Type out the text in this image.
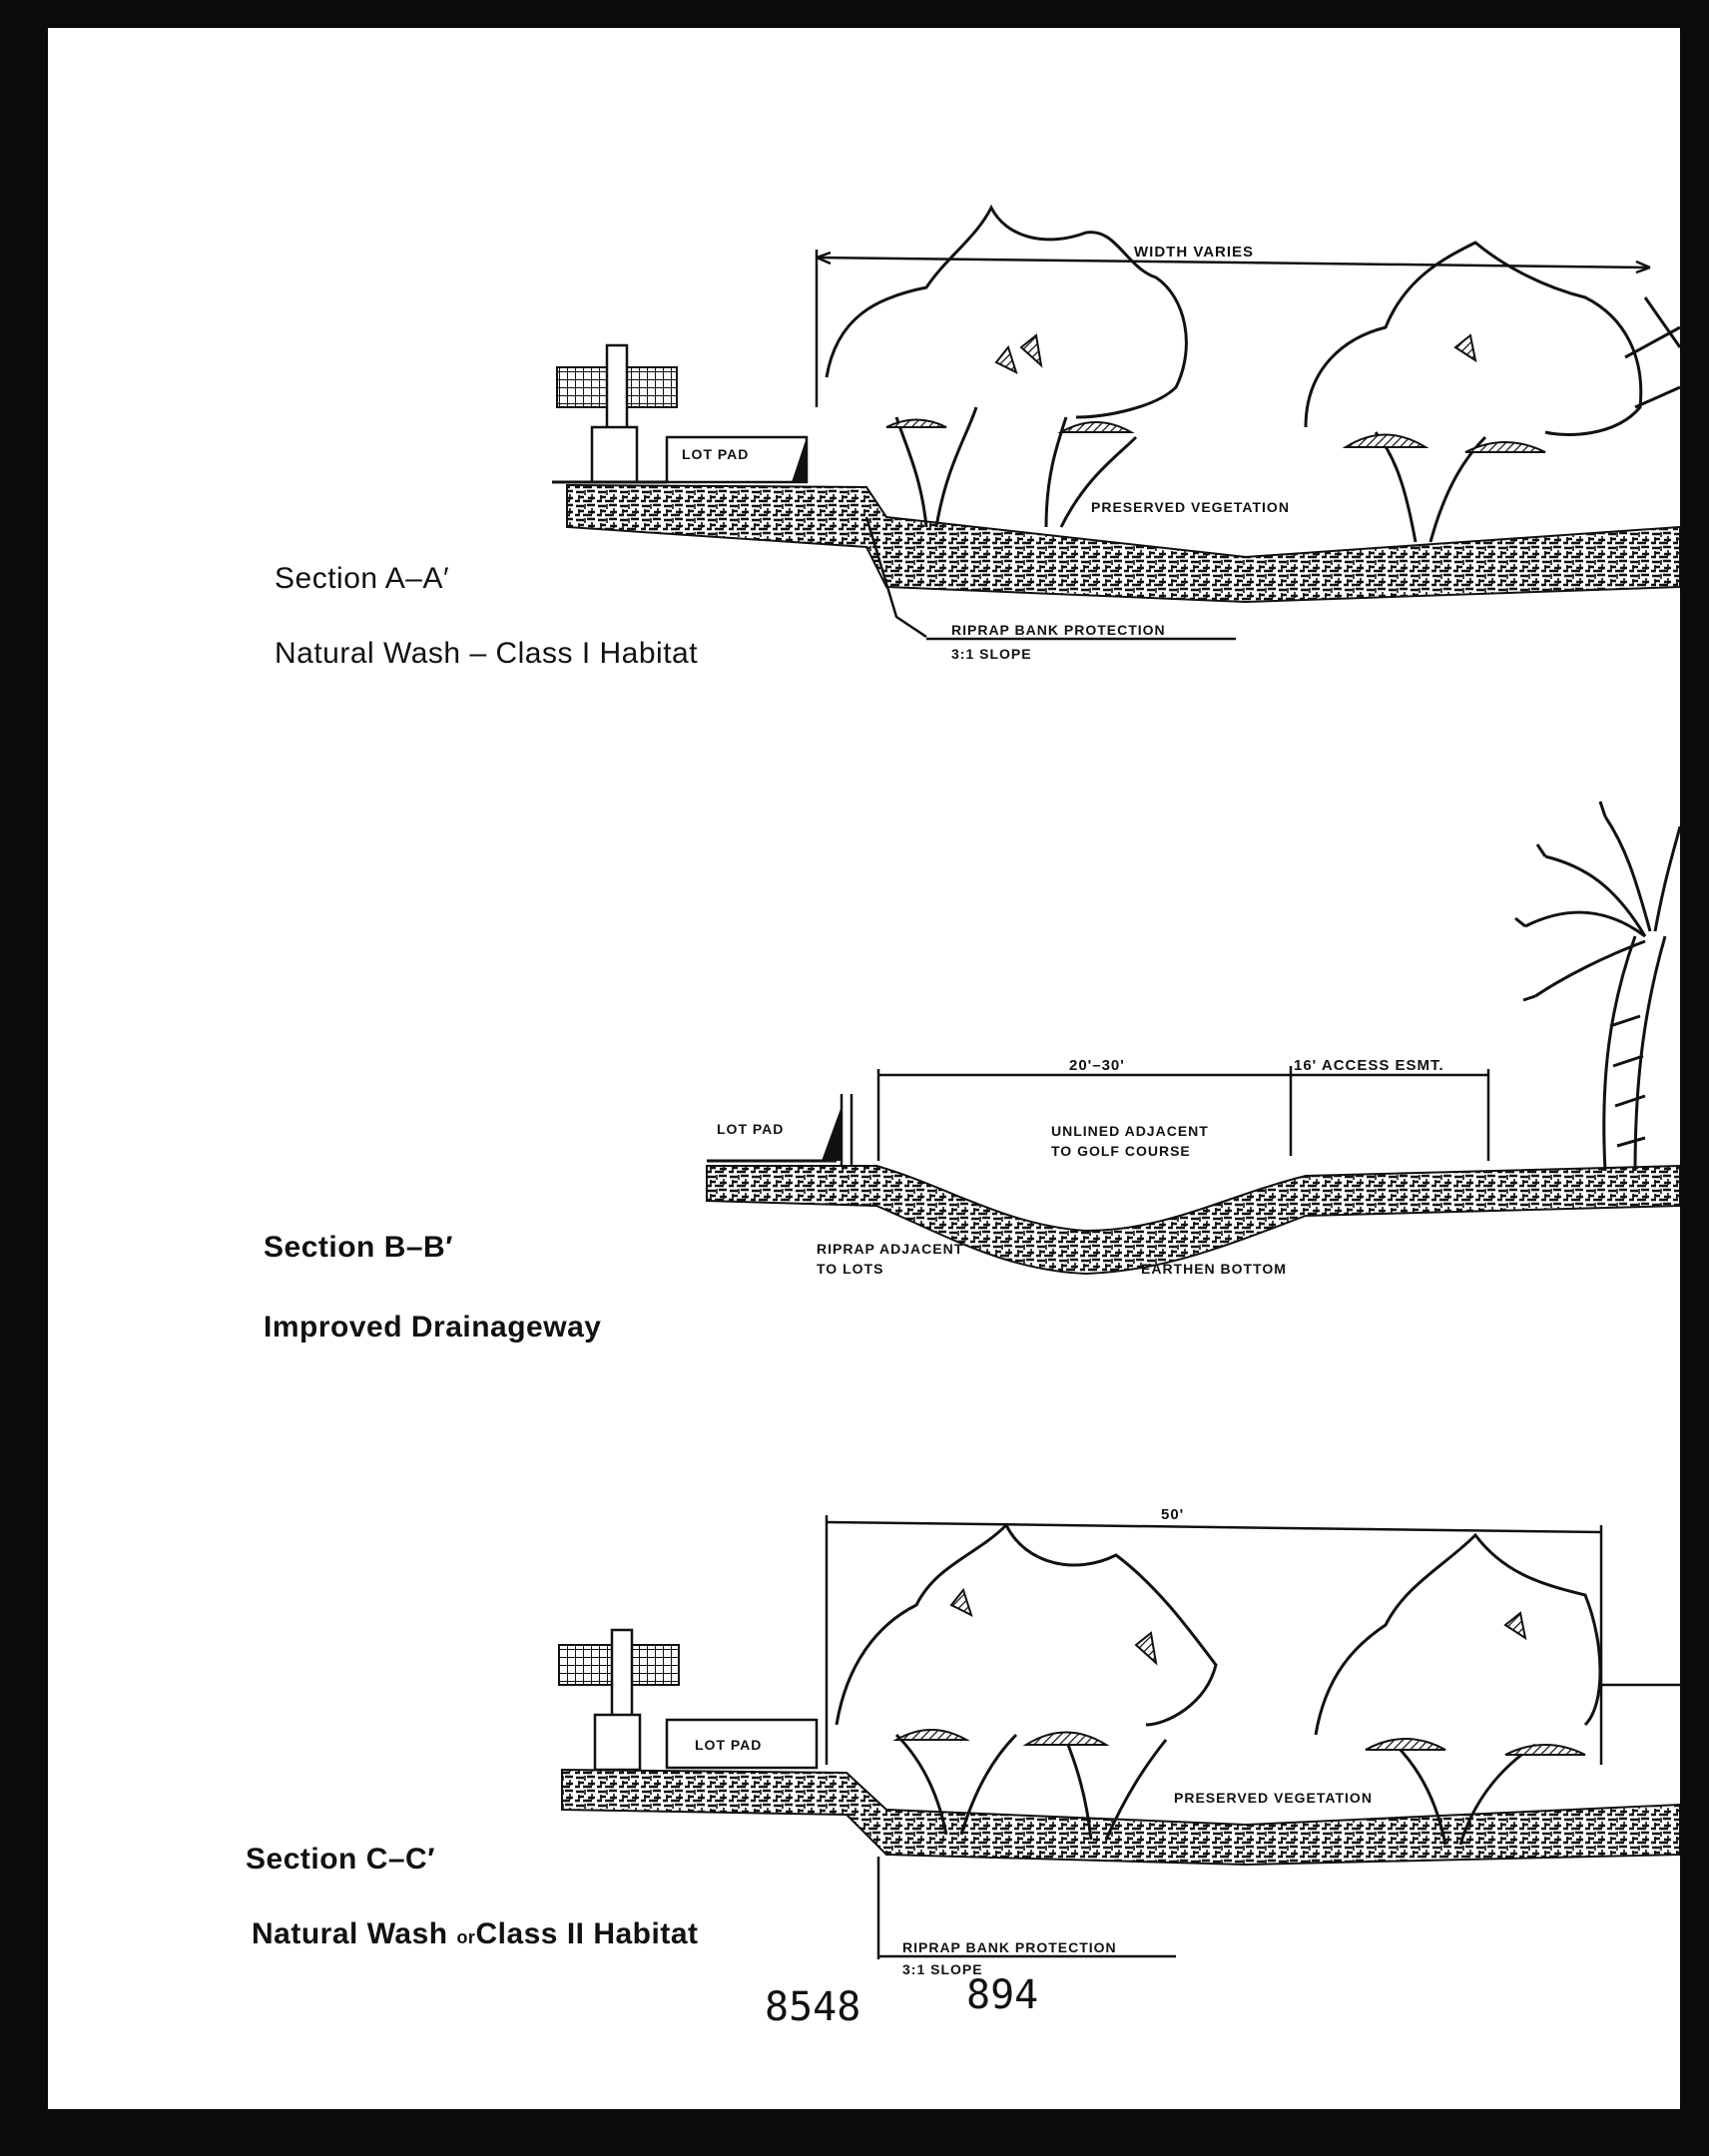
WIDTH VARIES
LOT PAD
PRESERVED VEGETATION
RIPRAP BANK PROTECTION
3:1 SLOPE
20'–30'	16' ACCESS ESMT.
LOT PAD	UNLINED ADJACENT
TO GOLF COURSE
RIPRAP ADJACENT
TO LOTS	EARTHEN BOTTOM
50'
LOT PAD
PRESERVED VEGETATION
RIPRAP BANK PROTECTION
3:1 SLOPE

Section A–A′

Natural Wash – Class I Habitat

Section B–B′

Improved Drainageway

Section C–C′

Natural Wash orClass II Habitat

8548	894
